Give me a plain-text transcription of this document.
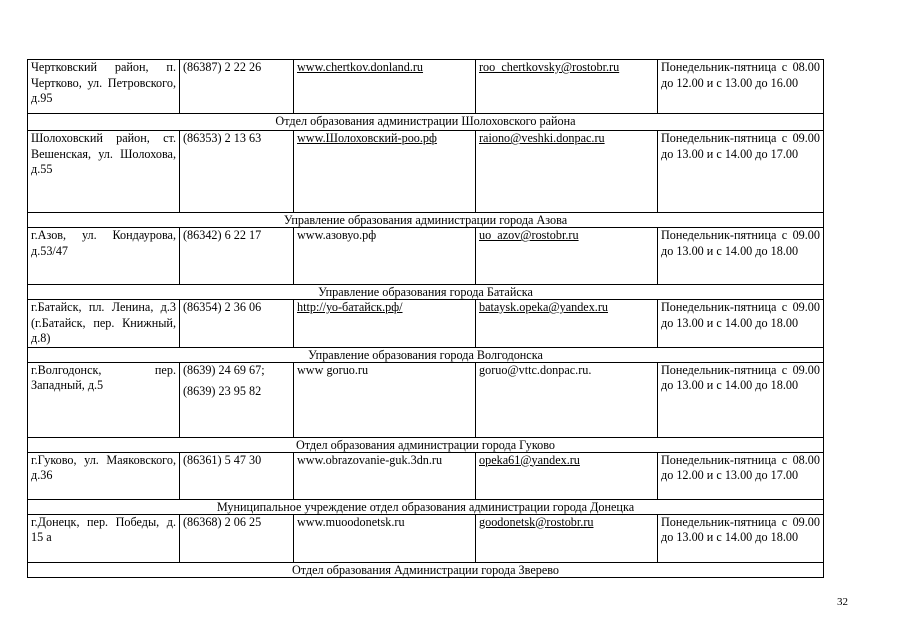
Чертковский район, п. Чертково, ул. Петровского, д.95	(86387) 2 22 26	www.chertkov.donland.ru	roo_chertkovsky@rostobr.ru	Понедельник-пятница с 08.00 до 12.00 и с 13.00 до 16.00
Отдел образования администрации Шолоховского района				
Шолоховский район, ст. Вешенская, ул. Шолохова, д.55	(86353) 2 13 63	www.Шолоховский-роо.рф	raiono@veshki.donpac.ru	Понедельник-пятница с 09.00 до 13.00 и с 14.00 до 17.00
Управление образования администрации города Азова				
г.Азов, ул. Кондаурова, д.53/47	(86342) 6 22 17	www.азовуо.рф	uo_azov@rostobr.ru	Понедельник-пятница с 09.00 до 13.00 и с 14.00 до 18.00
Управление образования города Батайска				
г.Батайск, пл. Ленина, д.3 (г.Батайск, пер. Книжный, д.8)	(86354) 2 36 06	http://уо-батайск.рф/	bataysk.opeka@yandex.ru	Понедельник-пятница с 09.00 до 13.00 и с 14.00 до 18.00
Управление образования города Волгодонска				
г.Волгодонск, пер. Западный, д.5	(8639) 24 69 67;
(8639) 23 95 82	www goruo.ru	goruo@vttc.donpac.ru.	Понедельник-пятница с 09.00 до 13.00 и с 14.00 до 18.00
Отдел образования администрации города Гуково				
г.Гуково, ул. Маяковского, д.36	(86361) 5 47 30	www.obrazovanie-guk.3dn.ru	opeka61@yandex.ru	Понедельник-пятница с 08.00 до 12.00 и с 13.00 до 17.00
Муниципальное учреждение отдел образования администрации города Донецка				
г.Донецк, пер. Победы, д. 15 а	(86368) 2 06 25	www.muoodonetsk.ru	goodonetsk@rostobr.ru	Понедельник-пятница с 09.00 до 13.00 и с 14.00 до 18.00
Отдел образования Администрации города Зверево				
32
